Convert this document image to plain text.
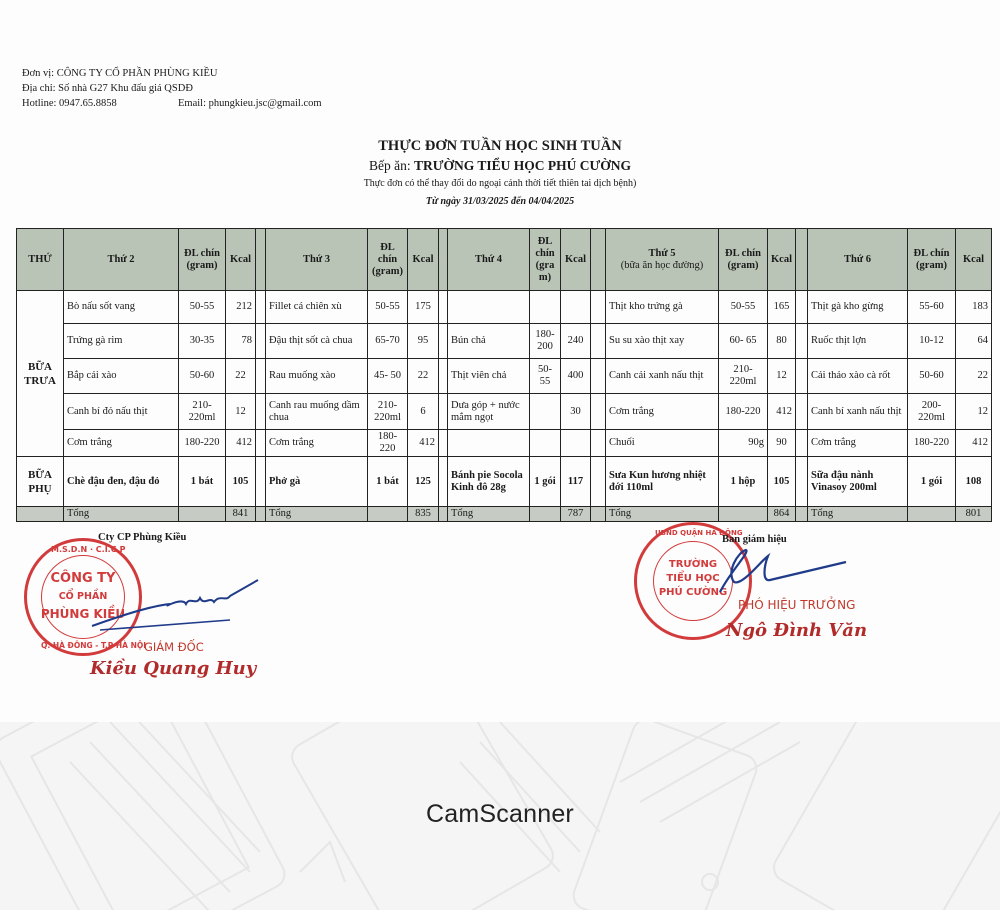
Đơn vị: CÔNG TY CỔ PHẦN PHÙNG KIỀU
Địa chỉ: Số nhà G27 Khu đấu giá QSDĐ
Hotline: 0947.65.8858	Email: phungkieu.jsc@gmail.com
THỰC ĐƠN TUẦN HỌC SINH TUẦN
Bếp ăn: TRƯỜNG TIỂU HỌC PHÚ CƯỜNG
Thực đơn có thể thay đổi do ngoại cảnh thời tiết thiên tai dịch bệnh)
Từ ngày 31/03/2025 đến 04/04/2025
THỨ	Thứ 2	ĐL chín (gram)	Kcal		Thứ 3	ĐL chín (gram)	Kcal		Thứ 4	ĐL chín (gra m)	Kcal		Thứ 5
(bữa ăn học đường)	ĐL chín (gram)	Kcal		Thứ 6	ĐL chín (gram)	Kcal
BỮA TRƯA	Bò nấu sốt vang	50-55	212		Fillet cá chiên xù	50-55	175						Thịt kho trứng gà	50-55	165		Thịt gà kho gừng	55-60	183
	Trứng gà rim	30-35	78		Đậu thịt sốt cà chua	65-70	95		Bún chả	180-200	240		Su su xào thịt xay	60- 65	80		Ruốc thịt lợn	10-12	64
	Bắp cải xào	50-60	22		Rau muống xào	45- 50	22		Thịt viên chả	50-55	400		Canh cải xanh nấu thịt	210-220ml	12		Cải thảo xào cà rốt	50-60	22
	Canh bí đỏ nấu thịt	210-220ml	12		Canh rau muống dầm chua	210-220ml	6		Dưa góp + nước mắm ngọt		30		Cơm trắng	180-220	412		Canh bí xanh nấu thịt	200-220ml	12
	Cơm trắng	180-220	412		Cơm trắng	180-220	412						Chuối	90g	90		Cơm trắng	180-220	412
BỮA PHỤ	Chè đậu đen, đậu đỏ	1 bát	105		Phở gà	1 bát	125		Bánh pie Socola Kinh đô 28g	1 gói	117		Sưa Kun hương nhiệt đới 110ml	1 hộp	105		Sữa đậu nành Vinasoy 200ml	1 gói	108
	Tổng		841		Tổng		835		Tổng		787		Tổng		864		Tổng		801
M.S.D.N · C.I.C.P
CÔNG TY
CỔ PHẦN
PHÙNG KIỀU
Q. HÀ ĐÔNG - T.P HÀ NỘI
Cty CP Phùng Kiều
GIÁM ĐỐC
Kiều Quang Huy
UBND QUẬN HÀ ĐÔNG
TRƯỜNG
TIỂU HỌC
PHÚ CƯỜNG
Ban giám hiệu
PHÓ HIỆU TRƯỞNG
Ngô Đình Văn
CamScanner
